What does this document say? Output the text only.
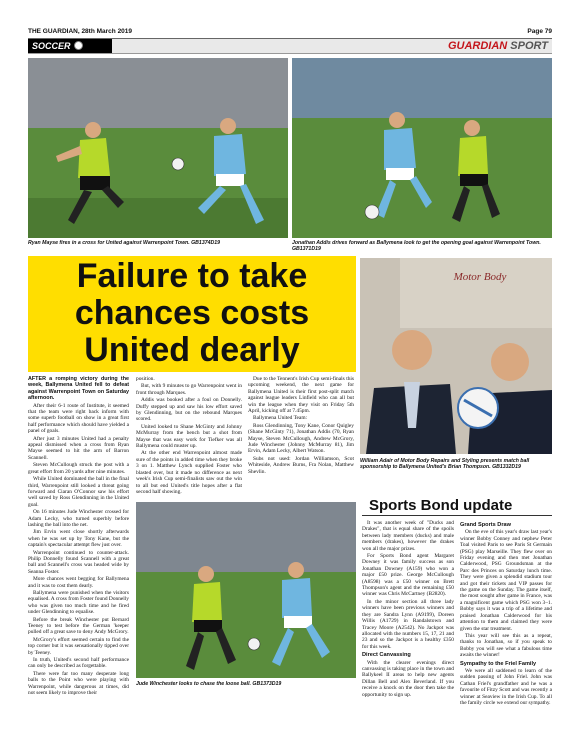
THE GUARDIAN, 28th March 2019	Page 79
SOCCER	GUARDIAN SPORT
Ryan Mayse fires in a cross for United against Warrenpoint Town. GB1374D19	Jonathan Addis drives forward as Ballymena look to get the opening goal against Warrenpoint Town. GB1371D19
Failure to take chances costs United dearly
Motor Body
William Adair of Motor Body Repairs and Styling presents match ball sponsorship to Ballymena United's Brian Thompson. GB1332D19

AFTER a romping victory during the week, Ballymena United fell to defeat against Warrenpoint Town on Saturday afternoon.

After their 6-1 route of Institute, it seemed that the team were right back inform with some superb football on show in a great first half performance which should have yielded a panel of goals.

After just 3 minutes United had a penalty appeal dismissed when a cross from Ryan Mayse seemed to hit the arm of Barron Scannell.

Steven McCullough struck the post with a great effort from 20 yards after nine minutes.

While United dominated the ball in the final third, Warrenpoint still looked a threat going forward and Ciaran O'Connor saw his effort well saved by Ross Glendinning in the United goal.

On 16 minutes Jude Winchester crossed for Adam Lecky, who turned superbly before lashing the ball into the net.

Jim Ervin went close shortly afterwards when he was set up by Tony Kane, but the captain's spectacular attempt flew just over.

Warrenpoint continued to counter-attack. Philip Donnelly found Scannell with a great ball and Scannell's cross was headed wide by Seanna Foster.

More chances went begging for Ballymena and it was to cost them dearly.

Ballymena were punished when the visitors equalised. A cross from Foster found Donnelly who was given too much time and he fired under Glendinning to equalise.

Before the break Winchester put Bernard Teeney to test before the German 'keeper pulled off a great save to deny Andy McGrory.

McGrory's effort seemed certain to find the top corner but it was sensationally tipped over by Teeney.

In truth, United's second half performance can only be described as forgettable.

There were far too many desperate long balls to the Point who were playing with Warrenpoint, while dangerous at times, did not seem likely to improve their

position.

But, with 9 minutes to go Warrenpoint went in front through Marques.

Addis was booked after a foul on Donnelly. Duffy stepped up and saw his low effort saved by Glendinning, but on the rebound Marques scored.

United looked to Shane McGinty and Johnny McMurray from the bench but a shot from Mayse that was easy work for Tiefker was all Ballymena could muster up.

At the other end Warrenpoint almost made sure of the points in added time when they broke 3 on 1. Matthew Lynch supplied Foster who blasted over, but it made no difference as next week's Irish Cup semi-finalists saw out the win to all but end United's title hopes after a flat second half showing.

Due to the Tennent's Irish Cup semi-finals this upcoming weekend, the next game for Ballymena United is their first post-split match against league leaders Linfield who can all but win the league when they visit on Friday 5th April, kicking off at 7.45pm.

Ballymena United Team:

Ross Glendinning, Tony Kane, Conor Quigley (Shane McGinty 71), Jonathan Addis (70, Ryan Mayse, Steven McCullough, Andrew McGrory, Jude Winchester (Johnny McMurray 81), Jim Ervin, Adam Lecky, Albert Watson.

Subs not used: Jordan Williamson, Scot Whiteside, Andrew Burns, Fra Nolan, Matthew Shevlin.

Jude Winchester looks to chase the loose ball. GB1373D19
Sports Bond update

It was another week of "Ducks and Drakes", that is equal share of the spoils between lady members (ducks) and male members (drakes), however the drakes won all the major prizes.

For Sports Bond agent Margaret Downey it was family success as son Jonathan Downey (A159) who won a major £50 prize. George McCullough (A8598) was a £50 winner on Brett Thompson's agent and the remaining £50 winner was Chris McCartney (B2820).

In the minor section all three lady winners have been previous winners and they are Sandra Lynn (A9199), Doreen Willis (A1729) in Randalstown and Tracey Moore (A2542). No Jackpot was allocated with the numbers 15, 17, 21 and 23 and so the Jackpot is a healthy £350 for this week.

Direct Canvassing

With the clearer evenings direct canvassing is taking place in the town and Ballykeel II areas to help new agents Dillan Bell and Alex Beverland. If you receive a knock on the door then take the opportunity to sign up.

Grand Sports Draw

On the eve of this year's draw last year's winner Bobby Conney and nephew Peter Toal visited Paris to see Paris St Germain (PSG) play Marseille. They flew over on Friday evening and then met Jonathan Calderwood, PSG Groundsman at the Parc des Princes on Saturday lunch time. They were given a splendid stadium tour and got their tickets and VIP passes for the game on the Sunday. The game itself, the most sought after game in France, was a magnificent game which PSG won 3–1. Bobby says it was a trip of a lifetime and praised Jonathan Calderwood for his attention to them and claimed they were given the star treatment.

This year will see this as a repeat, thanks to Jonathan, so if you speak to Bobby you will see what a fabulous time awaits the winner!

Sympathy to the Friel Family

We were all saddened to learn of the sudden passing of John Friel. John was Cathan Friel's grandfather and he was a favourite of Fitzy Scott and was recently a winner at Seaview in the Irish Cup. To all the family circle we extend our sympathy.
